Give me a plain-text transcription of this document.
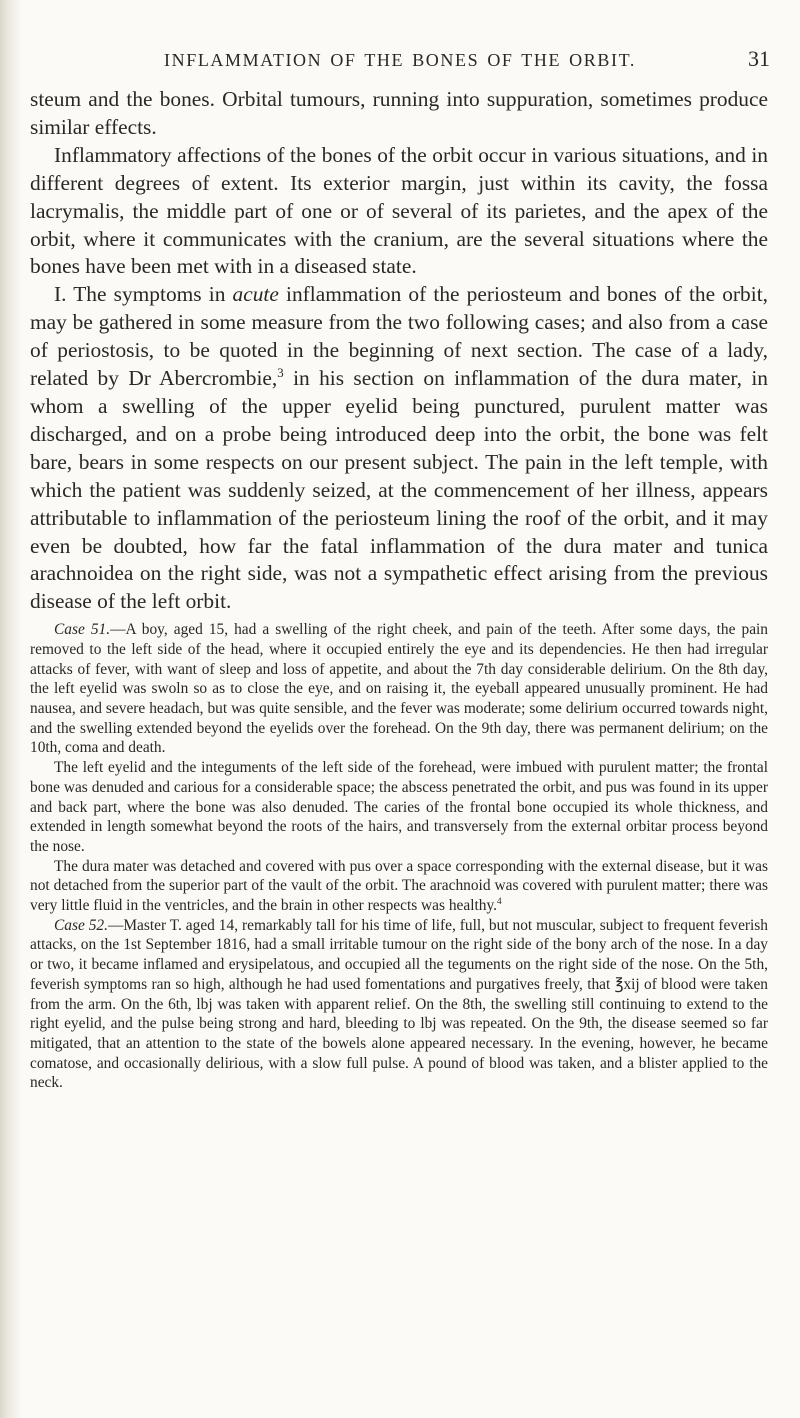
INFLAMMATION OF THE BONES OF THE ORBIT.	31

steum and the bones. Orbital tumours, running into suppuration, sometimes produce similar effects.

Inflammatory affections of the bones of the orbit occur in various situations, and in different degrees of extent. Its exterior margin, just within its cavity, the fossa lacrymalis, the middle part of one or of several of its parietes, and the apex of the orbit, where it communicates with the cranium, are the several situations where the bones have been met with in a diseased state.

I. The symptoms in acute inflammation of the periosteum and bones of the orbit, may be gathered in some measure from the two following cases; and also from a case of periostosis, to be quoted in the beginning of next section. The case of a lady, related by Dr Abercrombie,$^3$ in his section on inflammation of the dura mater, in whom a swelling of the upper eyelid being punctured, purulent matter was discharged, and on a probe being introduced deep into the orbit, the bone was felt bare, bears in some respects on our present subject. The pain in the left temple, with which the patient was suddenly seized, at the commencement of her illness, appears attributable to inflammation of the periosteum lining the roof of the orbit, and it may even be doubted, how far the fatal inflammation of the dura mater and tunica arachnoidea on the right side, was not a sympathetic effect arising from the previous disease of the left orbit.

Case 51.—A boy, aged 15, had a swelling of the right cheek, and pain of the teeth. After some days, the pain removed to the left side of the head, where it occupied entirely the eye and its dependencies. He then had irregular attacks of fever, with want of sleep and loss of appetite, and about the 7th day considerable delirium. On the 8th day, the left eyelid was swoln so as to close the eye, and on raising it, the eyeball appeared unusually prominent. He had nausea, and severe headach, but was quite sensible, and the fever was moderate; some delirium occurred towards night, and the swelling extended beyond the eyelids over the forehead. On the 9th day, there was permanent delirium; on the 10th, coma and death.

The left eyelid and the integuments of the left side of the forehead, were imbued with purulent matter; the frontal bone was denuded and carious for a considerable space; the abscess penetrated the orbit, and pus was found in its upper and back part, where the bone was also denuded. The caries of the frontal bone occupied its whole thickness, and extended in length somewhat beyond the roots of the hairs, and transversely from the external orbitar process beyond the nose.

The dura mater was detached and covered with pus over a space corresponding with the external disease, but it was not detached from the superior part of the vault of the orbit. The arachnoid was covered with purulent matter; there was very little fluid in the ventricles, and the brain in other respects was healthy.$^4$

Case 52.—Master T. aged 14, remarkably tall for his time of life, full, but not muscular, subject to frequent feverish attacks, on the 1st September 1816, had a small irritable tumour on the right side of the bony arch of the nose. In a day or two, it became inflamed and erysipelatous, and occupied all the teguments on the right side of the nose. On the 5th, feverish symptoms ran so high, although he had used fomentations and purgatives freely, that ℥xij of blood were taken from the arm. On the 6th, lbj was taken with apparent relief. On the 8th, the swelling still continuing to extend to the right eyelid, and the pulse being strong and hard, bleeding to lbj was repeated. On the 9th, the disease seemed so far mitigated, that an attention to the state of the bowels alone appeared necessary. In the evening, however, he became comatose, and occasionally delirious, with a slow full pulse. A pound of blood was taken, and a blister applied to the neck.
